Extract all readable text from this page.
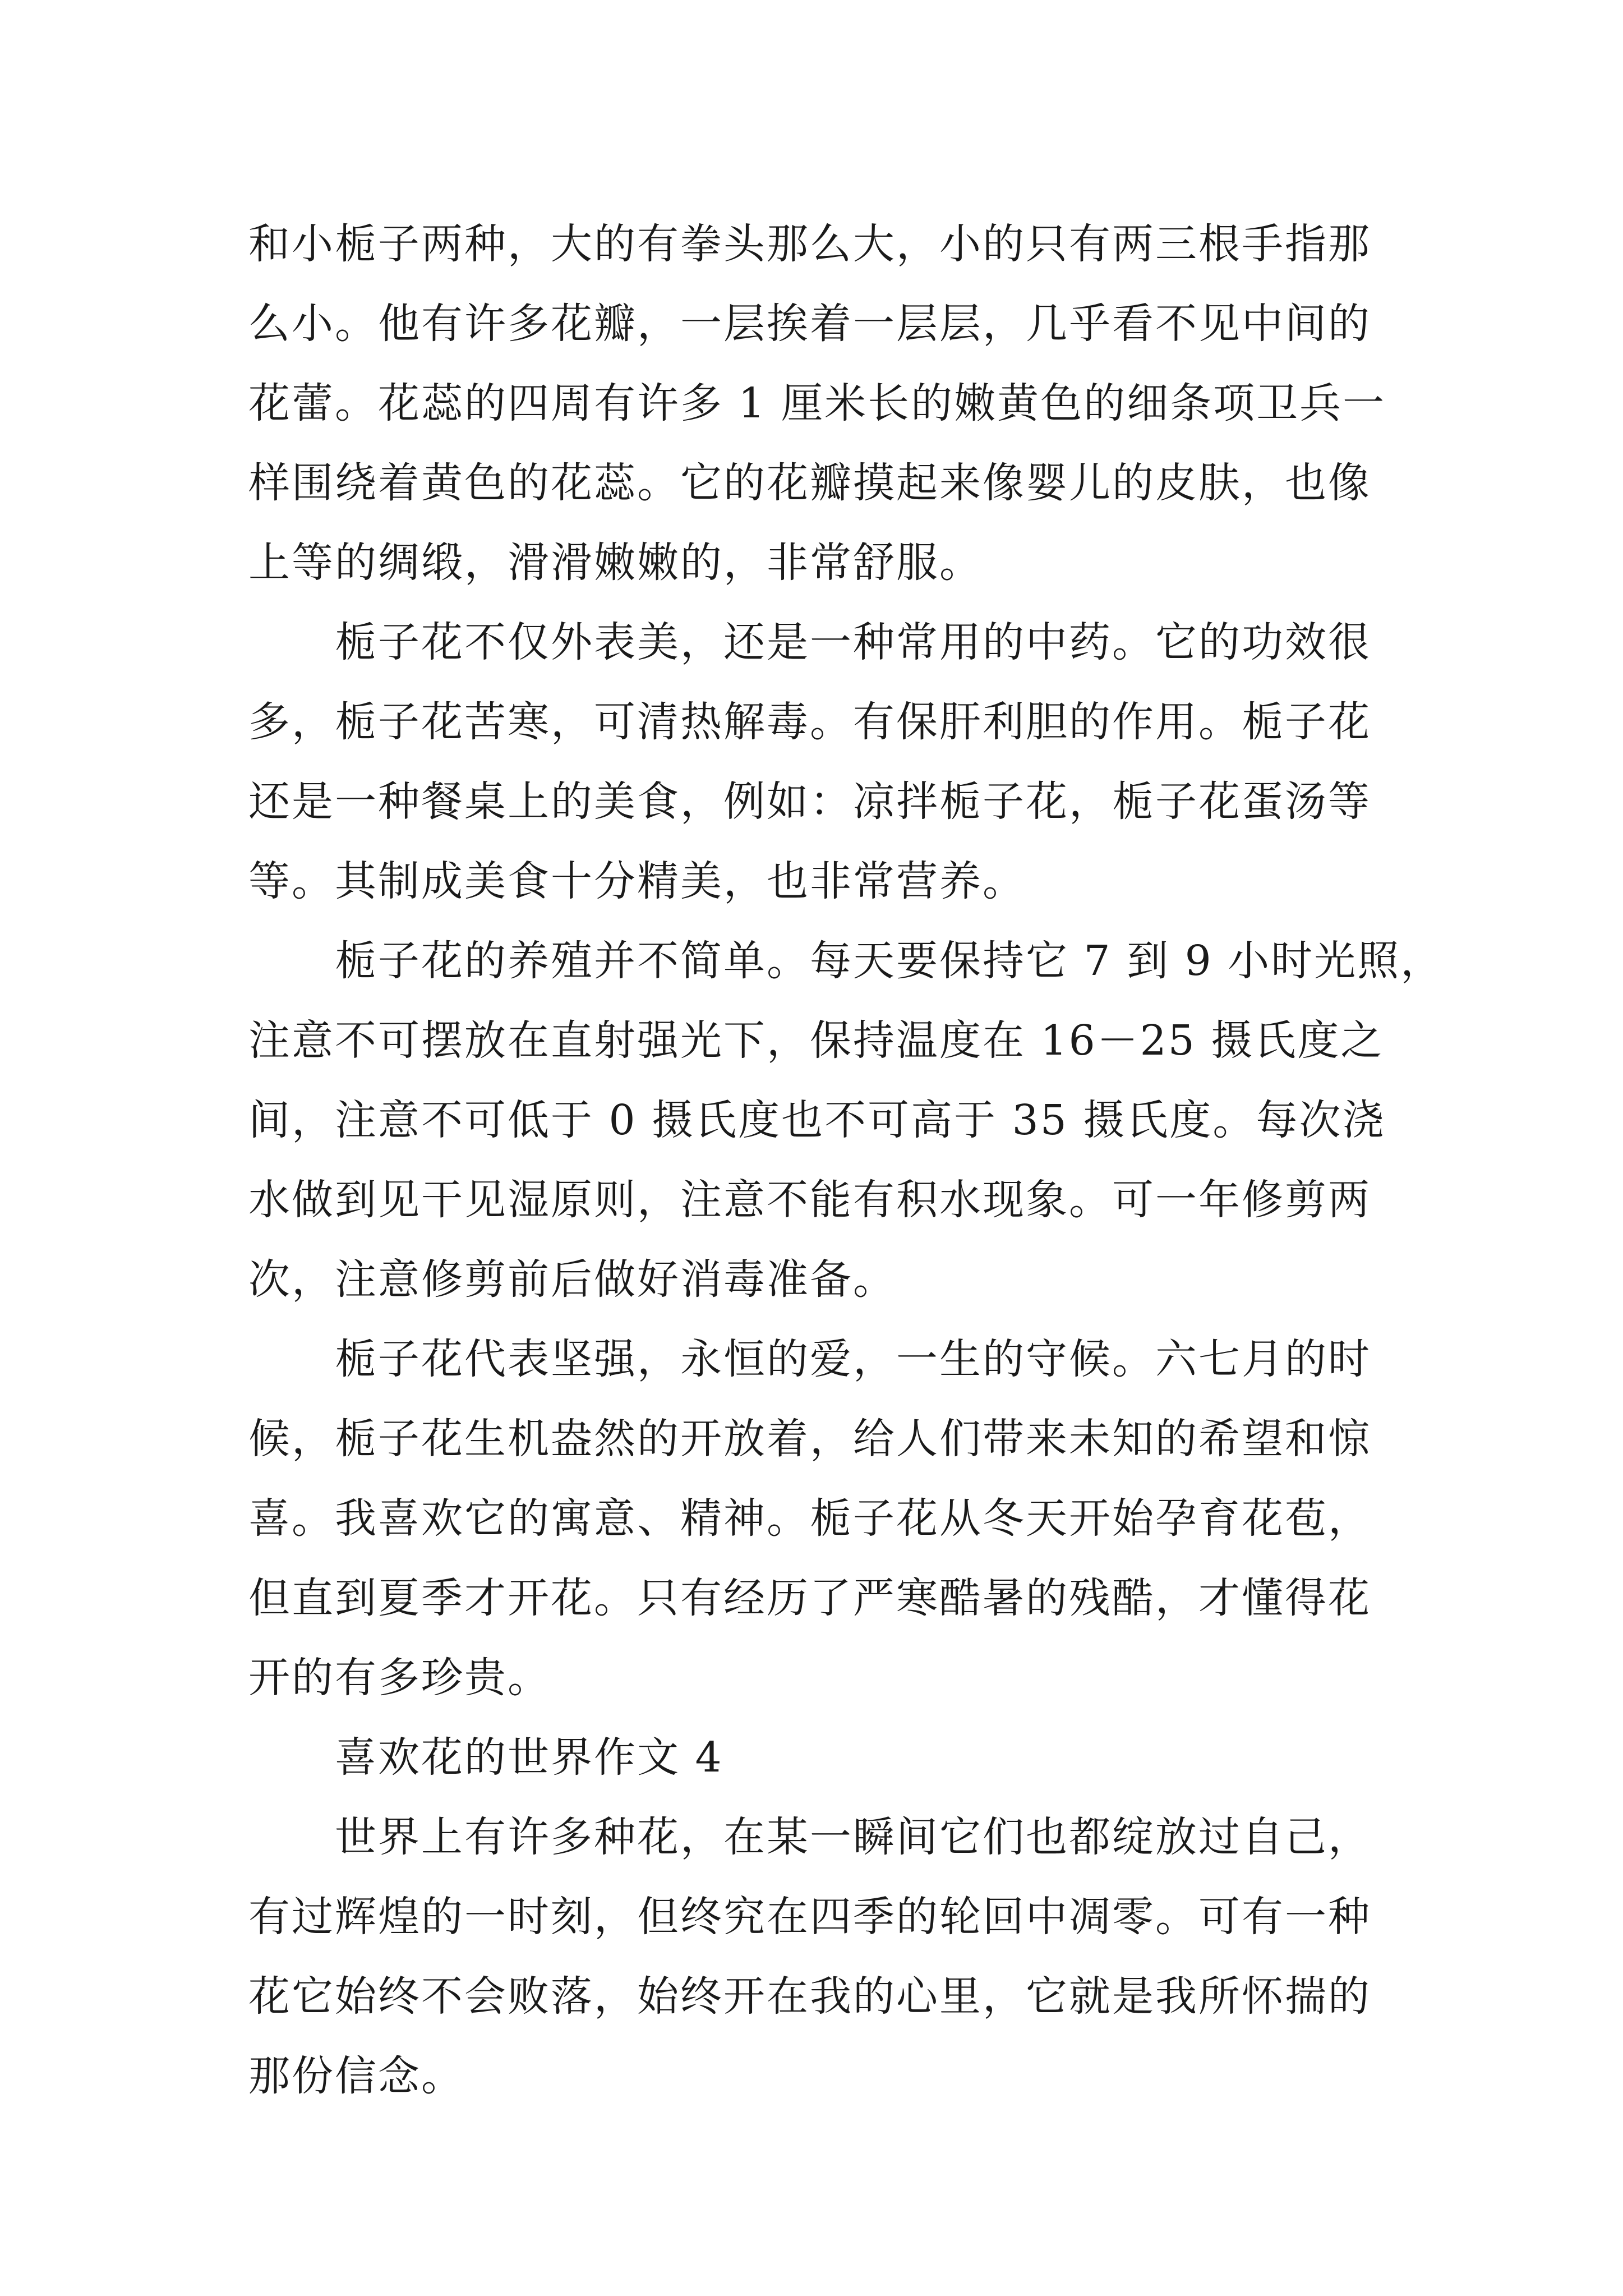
和小栀子两种，大的有拳头那么大，小的只有两三根手指那
么小。他有许多花瓣，一层挨着一层层，几乎看不见中间的
花蕾。花蕊的四周有许多 1 厘米长的嫩黄色的细条项卫兵一
样围绕着黄色的花蕊。它的花瓣摸起来像婴儿的皮肤，也像
上等的绸缎，滑滑嫩嫩的，非常舒服。
　　栀子花不仅外表美，还是一种常用的中药。它的功效很
多，栀子花苦寒，可清热解毒。有保肝利胆的作用。栀子花
还是一种餐桌上的美食，例如：凉拌栀子花，栀子花蛋汤等
等。其制成美食十分精美，也非常营养。
　　栀子花的养殖并不简单。每天要保持它 7 到 9 小时光照，
注意不可摆放在直射强光下，保持温度在 16－25 摄氏度之
间，注意不可低于 0 摄氏度也不可高于 35 摄氏度。每次浇
水做到见干见湿原则，注意不能有积水现象。可一年修剪两
次，注意修剪前后做好消毒准备。
　　栀子花代表坚强，永恒的爱，一生的守候。六七月的时
候，栀子花生机盎然的开放着，给人们带来未知的希望和惊
喜。我喜欢它的寓意、精神。栀子花从冬天开始孕育花苞，
但直到夏季才开花。只有经历了严寒酷暑的残酷，才懂得花
开的有多珍贵。
　　喜欢花的世界作文 4
　　世界上有许多种花，在某一瞬间它们也都绽放过自己，
有过辉煌的一时刻，但终究在四季的轮回中凋零。可有一种
花它始终不会败落，始终开在我的心里，它就是我所怀揣的
那份信念。
